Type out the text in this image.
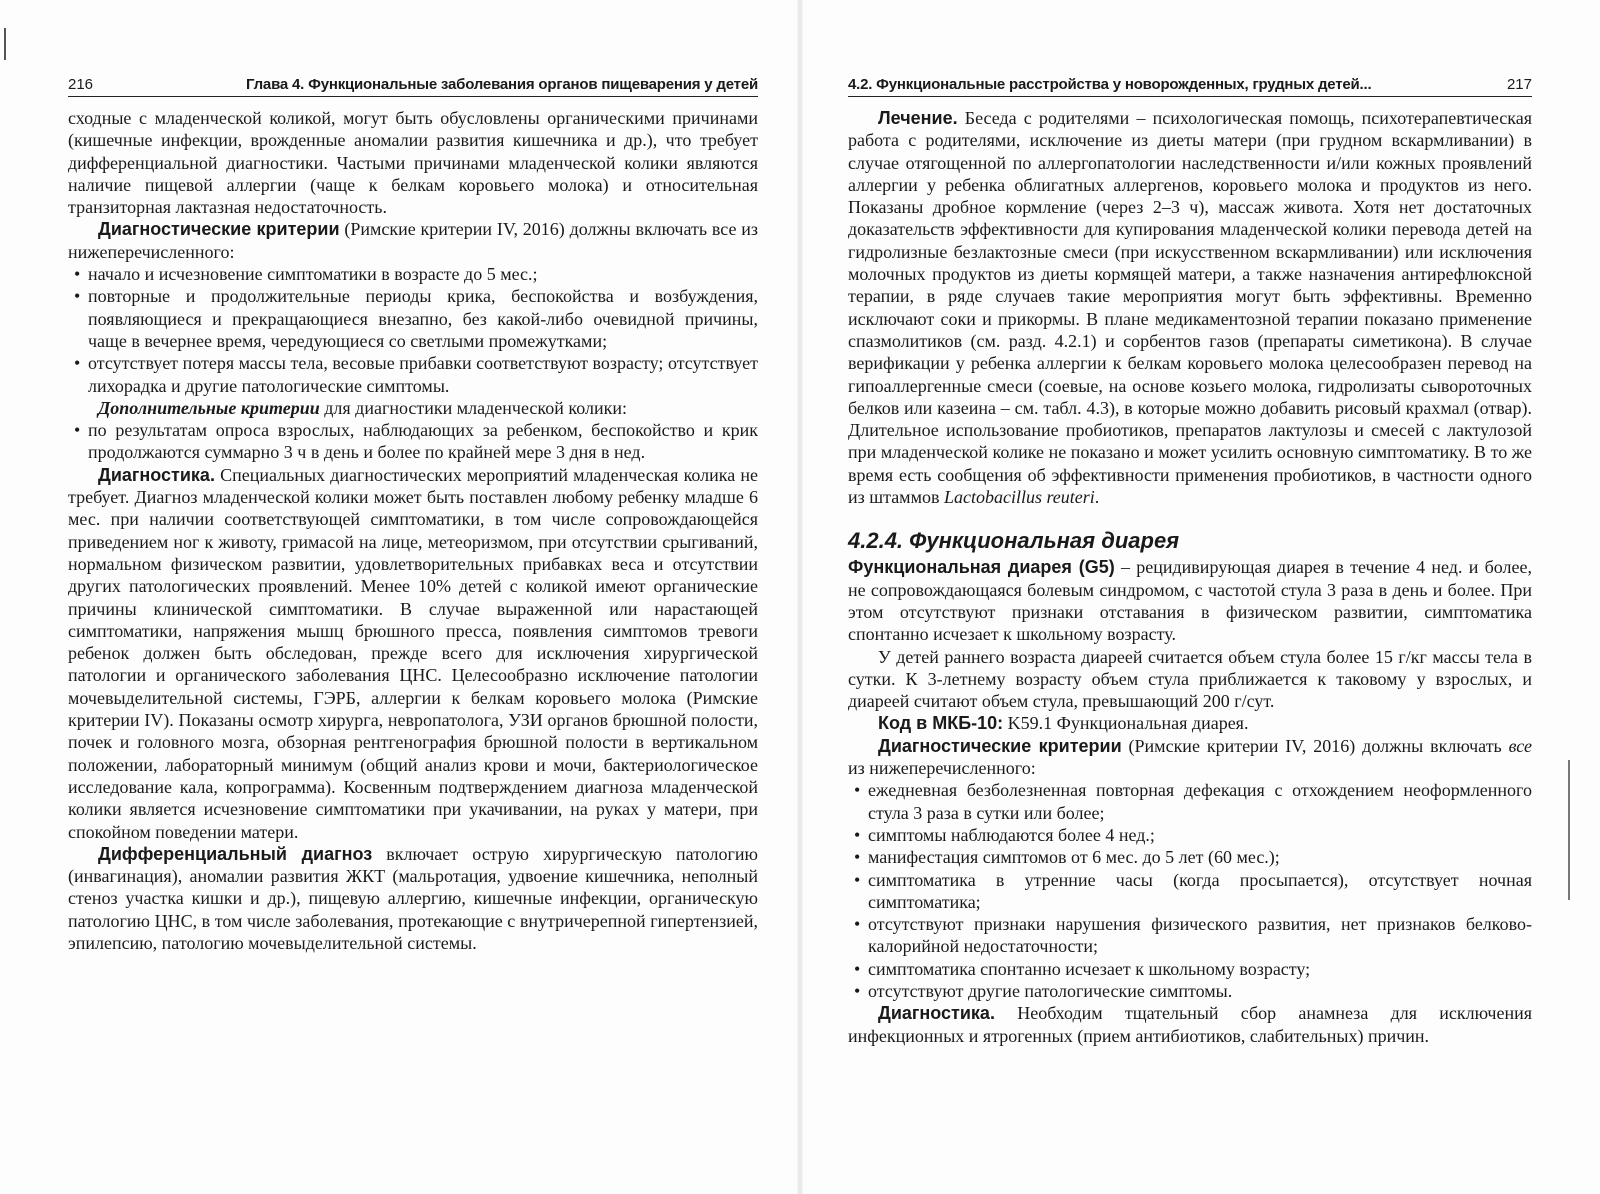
216	Глава 4. Функциональные заболевания органов пищеварения у детей

сходные с младенческой коликой, могут быть обусловлены органическими причинами (кишечные инфекции, врожденные аномалии развития кишечника и др.), что требует дифференциальной диагностики. Частыми причинами младенческой колики являются наличие пищевой аллергии (чаще к белкам коровьего молока) и относительная транзиторная лактазная недостаточность.

Диагностические критерии (Римские критерии IV, 2016) должны включать все из нижеперечисленного:

• начало и исчезновение симптоматики в возрасте до 5 мес.;
• повторные и продолжительные периоды крика, беспокойства и возбуждения, появляющиеся и прекращающиеся внезапно, без какой-либо очевидной причины, чаще в вечернее время, чередующиеся со светлыми промежутками;
• отсутствует потеря массы тела, весовые прибавки соответствуют возрасту; отсутствует лихорадка и другие патологические симптомы.

Дополнительные критерии для диагностики младенческой колики:

• по результатам опроса взрослых, наблюдающих за ребенком, беспокойство и крик продолжаются суммарно 3 ч в день и более по крайней мере 3 дня в нед.

Диагностика. Специальных диагностических мероприятий младенческая колика не требует. Диагноз младенческой колики может быть поставлен любому ребенку младше 6 мес. при наличии соответствующей симптоматики, в том числе сопровождающейся приведением ног к животу, гримасой на лице, метеоризмом, при отсутствии срыгиваний, нормальном физическом развитии, удовлетворительных прибавках веса и отсутствии других патологических проявлений. Менее 10% детей с коликой имеют органические причины клинической симптоматики. В случае выраженной или нарастающей симптоматики, напряжения мышц брюшного пресса, появления симптомов тревоги ребенок должен быть обследован, прежде всего для исключения хирургической патологии и органического заболевания ЦНС. Целесообразно исключение патологии мочевыделительной системы, ГЭРБ, аллергии к белкам коровьего молока (Римские критерии IV). Показаны осмотр хирурга, невропатолога, УЗИ органов брюшной полости, почек и головного мозга, обзорная рентгенография брюшной полости в вертикальном положении, лабораторный минимум (общий анализ крови и мочи, бактериологическое исследование кала, копрограмма). Косвенным подтверждением диагноза младенческой колики является исчезновение симптоматики при укачивании, на руках у матери, при спокойном поведении матери.

Дифференциальный диагноз включает острую хирургическую патологию (инвагинация), аномалии развития ЖКТ (мальротация, удвоение кишечника, неполный стеноз участка кишки и др.), пищевую аллергию, кишечные инфекции, органическую патологию ЦНС, в том числе заболевания, протекающие с внутричерепной гипертензией, эпилепсию, патологию мочевыделительной системы.

4.2. Функциональные расстройства у новорожденных, грудных детей...	217

Лечение. Беседа с родителями – психологическая помощь, психотерапевтическая работа с родителями, исключение из диеты матери (при грудном вскармливании) в случае отягощенной по аллергопатологии наследственности и/или кожных проявлений аллергии у ребенка облигатных аллергенов, коровьего молока и продуктов из него. Показаны дробное кормление (через 2–3 ч), массаж живота. Хотя нет достаточных доказательств эффективности для купирования младенческой колики перевода детей на гидролизные безлактозные смеси (при искусственном вскармливании) или исключения молочных продуктов из диеты кормящей матери, а также назначения антирефлюксной терапии, в ряде случаев такие мероприятия могут быть эффективны. Временно исключают соки и прикормы. В плане медикаментозной терапии показано применение спазмолитиков (см. разд. 4.2.1) и сорбентов газов (препараты симетикона). В случае верификации у ребенка аллергии к белкам коровьего молока целесообразен перевод на гипоаллергенные смеси (соевые, на основе козьего молока, гидролизаты сывороточных белков или казеина – см. табл. 4.3), в которые можно добавить рисовый крахмал (отвар). Длительное использование пробиотиков, препаратов лактулозы и смесей с лактулозой при младенческой колике не показано и может усилить основную симптоматику. В то же время есть сообщения об эффективности применения пробиотиков, в частности одного из штаммов Lactobacillus reuteri.

4.2.4. Функциональная диарея

Функциональная диарея (G5) – рецидивирующая диарея в течение 4 нед. и более, не сопровождающаяся болевым синдромом, с частотой стула 3 раза в день и более. При этом отсутствуют признаки отставания в физическом развитии, симптоматика спонтанно исчезает к школьному возрасту.

У детей раннего возраста диареей считается объем стула более 15 г/кг массы тела в сутки. К 3-летнему возрасту объем стула приближается к таковому у взрослых, и диареей считают объем стула, превышающий 200 г/сут.

Код в МКБ-10: K59.1 Функциональная диарея.

Диагностические критерии (Римские критерии IV, 2016) должны включать все из нижеперечисленного:

• ежедневная безболезненная повторная дефекация с отхождением неоформленного стула 3 раза в сутки или более;
• симптомы наблюдаются более 4 нед.;
• манифестация симптомов от 6 мес. до 5 лет (60 мес.);
• симптоматика в утренние часы (когда просыпается), отсутствует ночная симптоматика;
• отсутствуют признаки нарушения физического развития, нет признаков белково-калорийной недостаточности;
• симптоматика спонтанно исчезает к школьному возрасту;
• отсутствуют другие патологические симптомы.

Диагностика. Необходим тщательный сбор анамнеза для исключения инфекционных и ятрогенных (прием антибиотиков, слабительных) причин.
